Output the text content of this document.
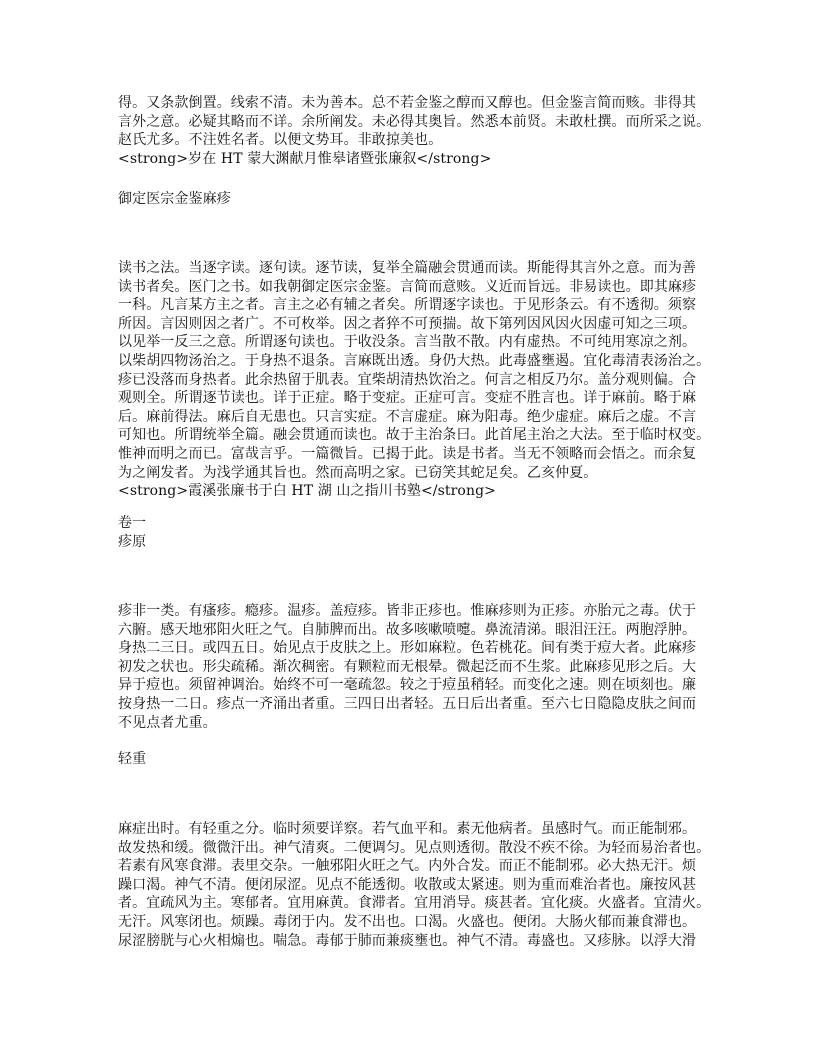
得。又条款倒置。线索不清。未为善本。总不若金鉴之醇而又醇也。但金鉴言简而赅。非得其
言外之意。必疑其略而不详。余所阐发。未必得其奥旨。然悉本前贤。未敢杜撰。而所采之说。
赵氏尤多。不注姓名者。以便文势耳。非敢掠美也。
<strong>岁在 HT 蒙大渊献月惟皋诸暨张廉叙</strong>
御定医宗金鉴麻疹
读书之法。当逐字读。逐句读。逐节读，复举全篇融会贯通而读。斯能得其言外之意。而为善
读书者矣。医门之书。如我朝御定医宗金鉴。言简而意赅。义近而旨远。非易读也。即其麻疹
一科。凡言某方主之者。言主之必有辅之者矣。所谓逐字读也。于见形条云。有不透彻。须察
所因。言因则因之者广。不可枚举。因之者猝不可预揣。故下第列因风因火因虚可知之三项。
以见举一反三之意。所谓逐句读也。于收没条。言当散不散。内有虚热。不可纯用寒凉之剂。
以柴胡四物汤治之。于身热不退条。言麻既出透。身仍大热。此毒盛壅遏。宜化毒清表汤治之。
疹已没落而身热者。此余热留于肌表。宜柴胡清热饮治之。何言之相反乃尔。盖分观则偏。合
观则全。所谓逐节读也。详于正症。略于变症。正症可言。变症不胜言也。详于麻前。略于麻
后。麻前得法。麻后自无患也。只言实症。不言虚症。麻为阳毒。绝少虚症。麻后之虚。不言
可知也。所谓统举全篇。融会贯通而读也。故于主治条曰。此首尾主治之大法。至于临时权变。
惟神而明之而已。富哉言乎。一篇微旨。已揭于此。读是书者。当无不领略而会悟之。而余复
为之阐发者。为浅学通其旨也。然而高明之家。已窃笑其蛇足矣。乙亥仲夏。
<strong>霞溪张廉书于白 HT 湖 山之指川书塾</strong>
卷一
疹原
疹非一类。有瘙疹。瘾疹。温疹。盖痘疹。皆非正疹也。惟麻疹则为正疹。亦胎元之毒。伏于
六腑。感天地邪阳火旺之气。自肺脾而出。故多咳嗽喷嚏。鼻流清涕。眼泪汪汪。两胞浮肿。
身热二三日。或四五日。始见点于皮肤之上。形如麻粒。色若桃花。间有类于痘大者。此麻疹
初发之状也。形尖疏稀。渐次稠密。有颗粒而无根晕。微起泛而不生浆。此麻疹见形之后。大
异于痘也。须留神调治。始终不可一毫疏忽。较之于痘虽稍轻。而变化之速。则在顷刻也。廉
按身热一二日。疹点一齐涌出者重。三四日出者轻。五日后出者重。至六七日隐隐皮肤之间而
不见点者尤重。
轻重
麻症出时。有轻重之分。临时须要详察。若气血平和。素无他病者。虽感时气。而正能制邪。
故发热和缓。微微汗出。神气清爽。二便调匀。见点则透彻。散没不疾不徐。为轻而易治者也。
若素有风寒食滞。表里交杂。一触邪阳火旺之气。内外合发。而正不能制邪。必大热无汗。烦
躁口渴。神气不清。便闭尿涩。见点不能透彻。收散或太紧速。则为重而难治者也。廉按风甚
者。宜疏风为主。寒郁者。宜用麻黄。食滞者。宜用消导。痰甚者。宜化痰。火盛者。宜清火。
无汗。风寒闭也。烦躁。毒闭于内。发不出也。口渴。火盛也。便闭。大肠火郁而兼食滞也。
尿涩膀胱与心火相煽也。喘急。毒郁于肺而兼痰壅也。神气不清。毒盛也。又疹脉。以浮大滑
